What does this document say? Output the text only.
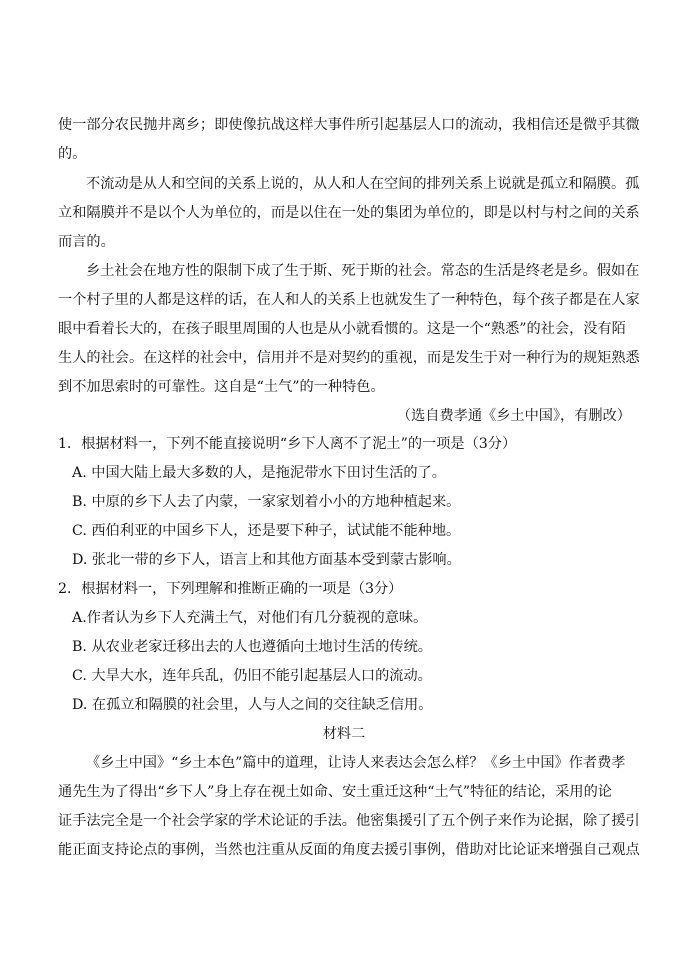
使一部分农民抛井离乡；即使像抗战这样大事件所引起基层人口的流动，我相信还是微乎其微
的。
不流动是从人和空间的关系上说的，从人和人在空间的排列关系上说就是孤立和隔膜。孤
立和隔膜并不是以个人为单位的，而是以住在一处的集团为单位的，即是以村与村之间的关系
而言的。
乡土社会在地方性的限制下成了生于斯、死于斯的社会。常态的生活是终老是乡。假如在
一个村子里的人都是这样的话，在人和人的关系上也就发生了一种特色，每个孩子都是在人家
眼中看着长大的，在孩子眼里周围的人也是从小就看惯的。这是一个“熟悉”的社会，没有陌
生人的社会。在这样的社会中，信用并不是对契约的重视，而是发生于对一种行为的规矩熟悉
到不加思索时的可靠性。这自是“土气”的一种特色。
（选自费孝通《乡土中国》，有删改）
1．根据材料一，下列不能直接说明“乡下人离不了泥土”的一项是（3分）
A. 中国大陆上最大多数的人，是拖泥带水下田讨生活的了。
B. 中原的乡下人去了内蒙，一家家划着小小的方地种植起来。
C. 西伯利亚的中国乡下人，还是要下种子，试试能不能种地。
D. 张北一带的乡下人，语言上和其他方面基本受到蒙古影响。
2．根据材料一，下列理解和推断正确的一项是（3分）
A.作者认为乡下人充满土气，对他们有几分藐视的意味。
B. 从农业老家迁移出去的人也遵循向土地讨生活的传统。
C. 大旱大水，连年兵乱，仍旧不能引起基层人口的流动。
D. 在孤立和隔膜的社会里，人与人之间的交往缺乏信用。
材料二
《乡土中国》“乡土本色”篇中的道理，让诗人来表达会怎么样？《乡土中国》作者费孝
通先生为了得出“乡下人”身上存在视土如命、安土重迁这种“土气”特征的结论，采用的论
证手法完全是一个社会学家的学术论证的手法。他密集援引了五个例子来作为论据，除了援引
能正面支持论点的事例，当然也注重从反面的角度去援引事例，借助对比论证来增强自己观点
